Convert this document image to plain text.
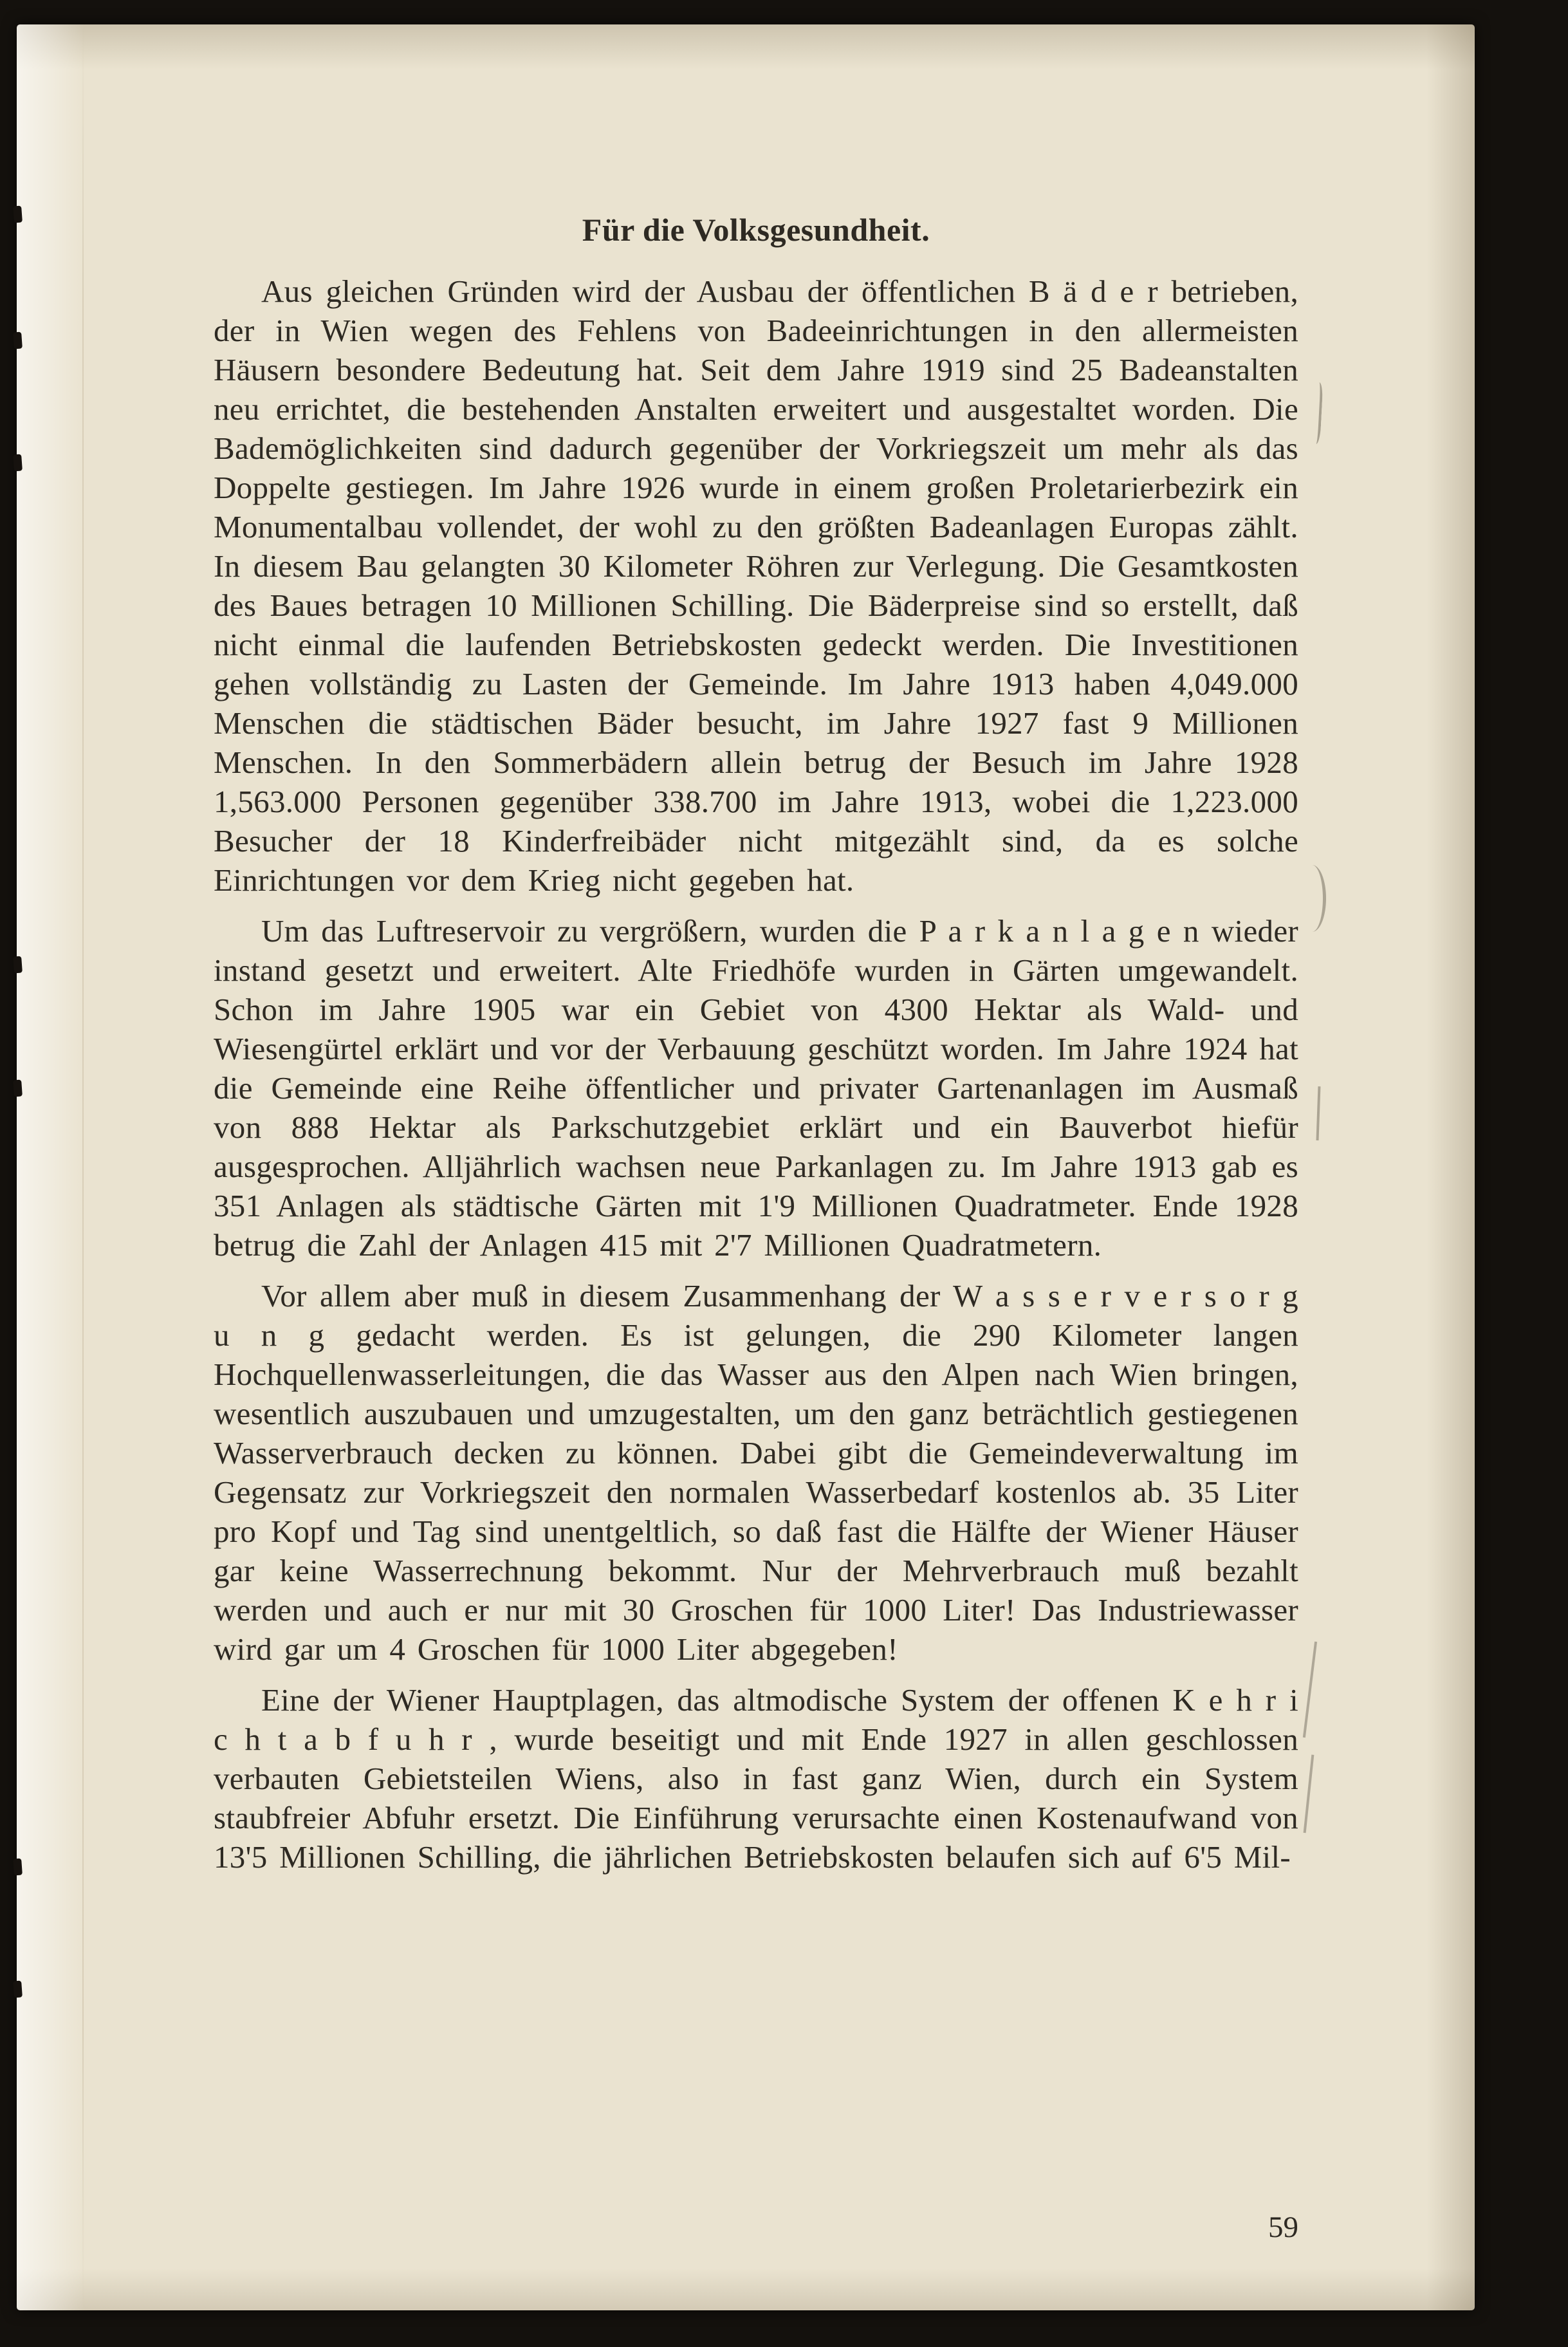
Für die Volksgesundheit.

Aus gleichen Gründen wird der Ausbau der öffentlichen B ä d e r betrieben, der in Wien wegen des Fehlens von Badeeinrichtungen in den allermeisten Häusern besondere Bedeutung hat. Seit dem Jahre 1919 sind 25 Badeanstalten neu errichtet, die bestehenden Anstalten erweitert und ausgestaltet worden. Die Bademöglichkeiten sind dadurch gegenüber der Vorkriegszeit um mehr als das Doppelte gestiegen. Im Jahre 1926 wurde in einem großen Proletarierbezirk ein Monumentalbau vollendet, der wohl zu den größten Badeanlagen Europas zählt. In diesem Bau gelangten 30 Kilometer Röhren zur Verlegung. Die Gesamtkosten des Baues betragen 10 Millionen Schilling. Die Bäderpreise sind so erstellt, daß nicht einmal die laufenden Betriebskosten gedeckt werden. Die Investitionen gehen vollständig zu Lasten der Gemeinde. Im Jahre 1913 haben 4,049.000 Menschen die städtischen Bäder besucht, im Jahre 1927 fast 9 Millionen Menschen. In den Sommerbädern allein betrug der Besuch im Jahre 1928 1,563.000 Personen gegenüber 338.700 im Jahre 1913, wobei die 1,223.000 Besucher der 18 Kinderfreibäder nicht mitgezählt sind, da es solche Einrichtungen vor dem Krieg nicht gegeben hat.

Um das Luftreservoir zu vergrößern, wurden die P a r k a n l a g e n wieder instand gesetzt und erweitert. Alte Friedhöfe wurden in Gärten umgewandelt. Schon im Jahre 1905 war ein Gebiet von 4300 Hektar als Wald- und Wiesengürtel erklärt und vor der Verbauung geschützt worden. Im Jahre 1924 hat die Gemeinde eine Reihe öffentlicher und privater Gartenanlagen im Ausmaß von 888 Hektar als Parkschutzgebiet erklärt und ein Bauverbot hiefür ausgesprochen. Alljährlich wachsen neue Parkanlagen zu. Im Jahre 1913 gab es 351 Anlagen als städtische Gärten mit 1'9 Millionen Quadratmeter. Ende 1928 betrug die Zahl der Anlagen 415 mit 2'7 Millionen Quadratmetern.

Vor allem aber muß in diesem Zusammenhang der W a s s e r v e r s o r g u n g gedacht werden. Es ist gelungen, die 290 Kilometer langen Hochquellenwasserleitungen, die das Wasser aus den Alpen nach Wien bringen, wesentlich auszubauen und umzugestalten, um den ganz beträchtlich gestiegenen Wasserverbrauch decken zu können. Dabei gibt die Gemeindeverwaltung im Gegensatz zur Vorkriegszeit den normalen Wasserbedarf kostenlos ab. 35 Liter pro Kopf und Tag sind unentgeltlich, so daß fast die Hälfte der Wiener Häuser gar keine Wasserrechnung bekommt. Nur der Mehrverbrauch muß bezahlt werden und auch er nur mit 30 Groschen für 1000 Liter! Das Industriewasser wird gar um 4 Groschen für 1000 Liter abgegeben!

Eine der Wiener Hauptplagen, das altmodische System der offenen K e h r i c h t a b f u h r , wurde beseitigt und mit Ende 1927 in allen geschlossen verbauten Gebietsteilen Wiens, also in fast ganz Wien, durch ein System staubfreier Abfuhr ersetzt. Die Einführung verursachte einen Kostenaufwand von 13'5 Millionen Schilling, die jährlichen Betriebskosten belaufen sich auf 6'5 Mil-

59
